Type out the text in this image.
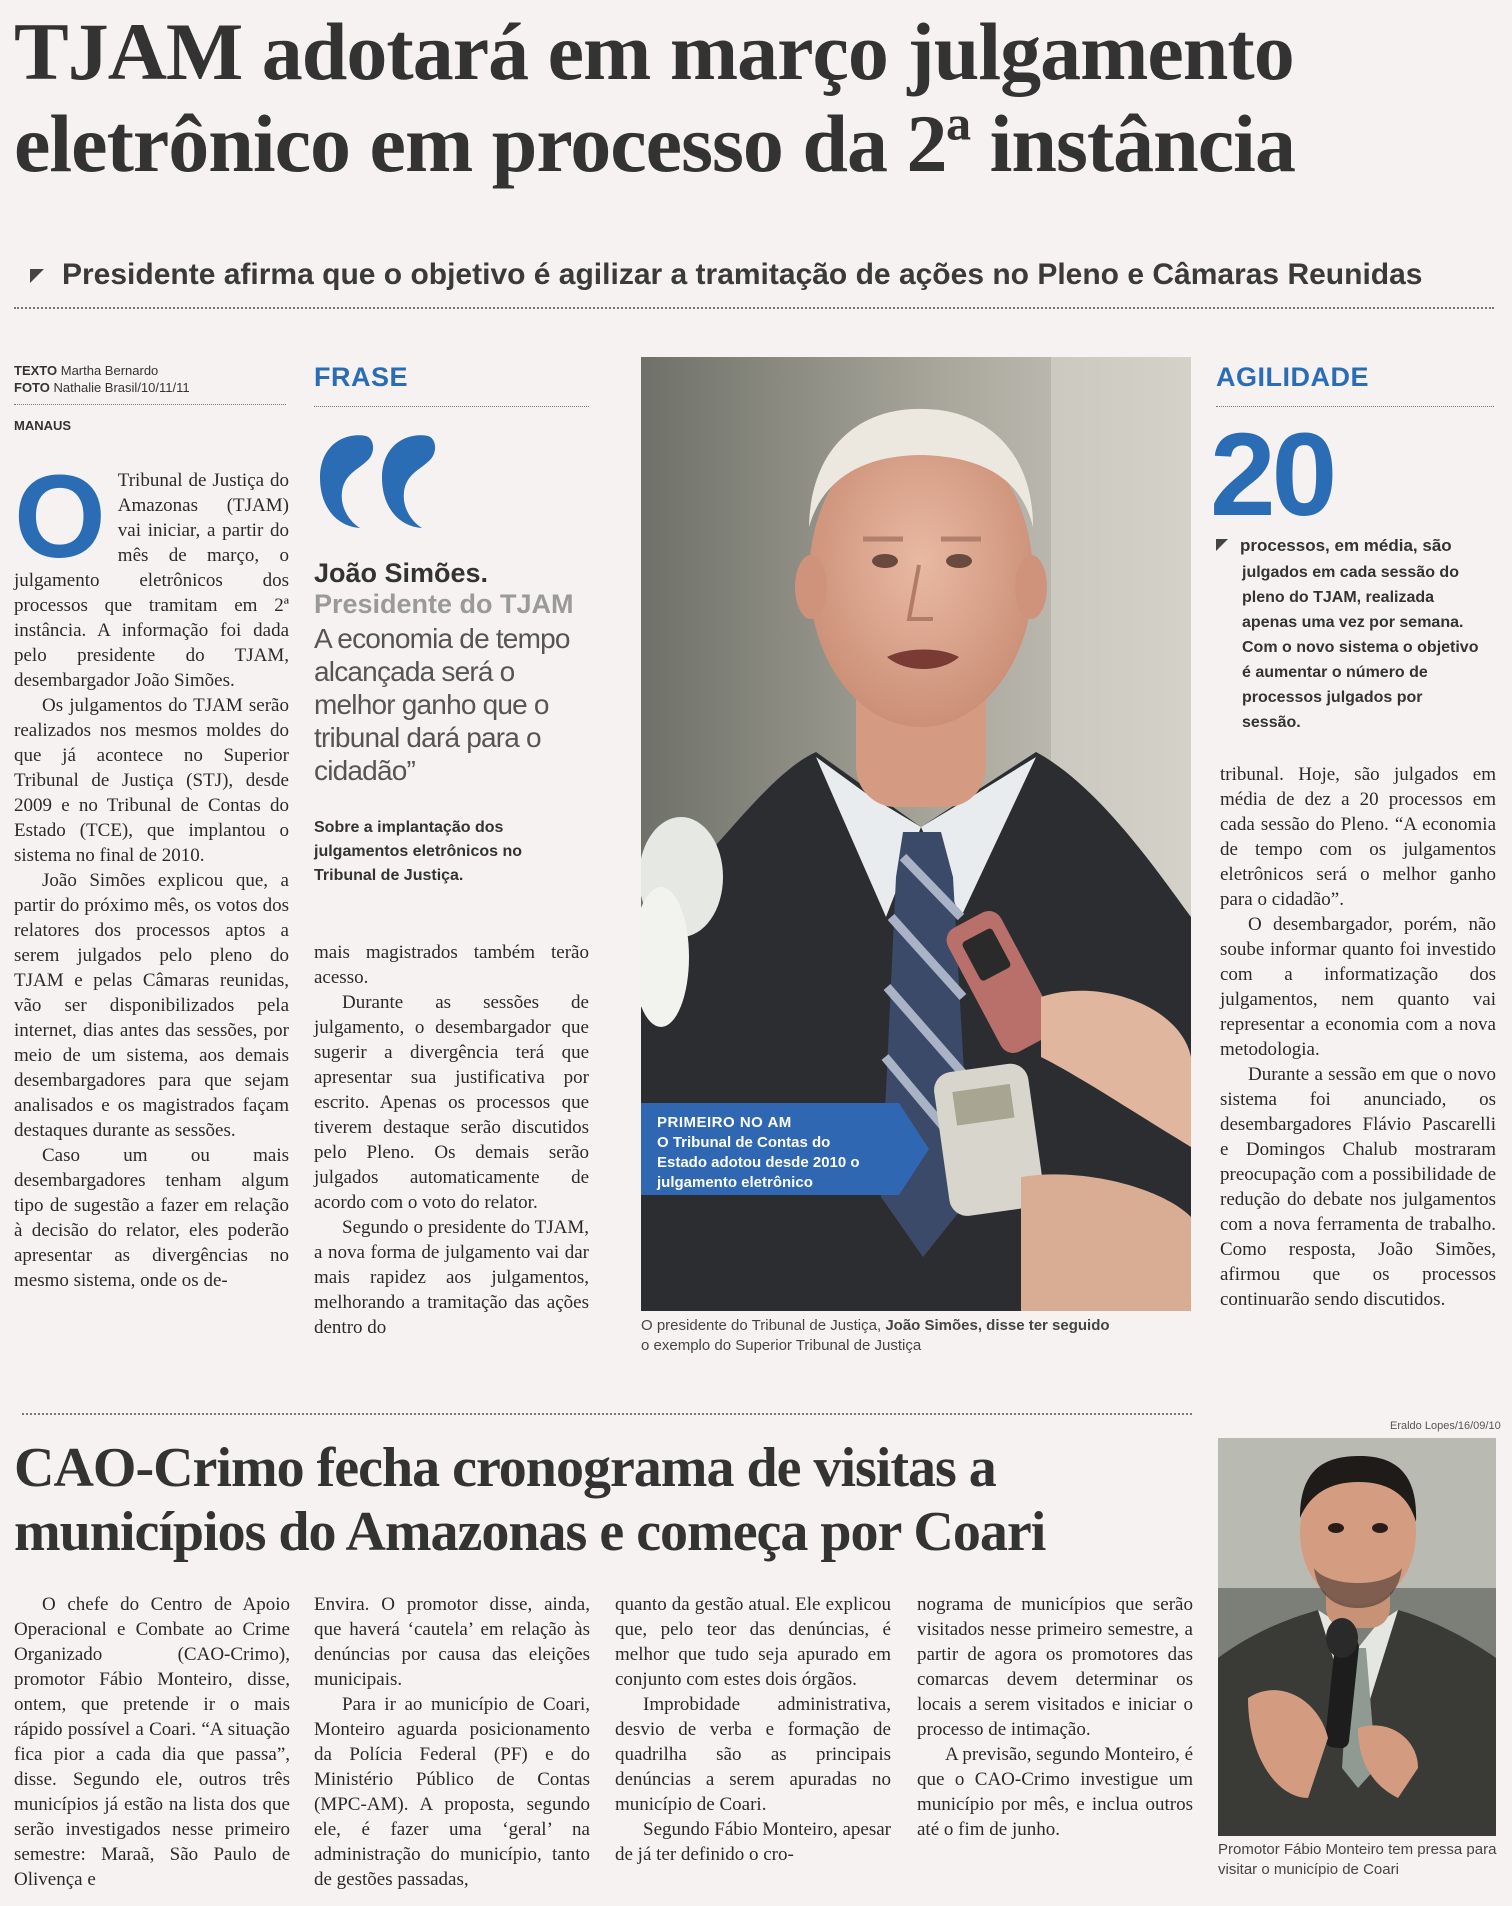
TJAM adotará em março julgamento
eletrônico em processo da 2ª instância
Presidente afirma que o objetivo é agilizar a tramitação de ações no Pleno e Câmaras Reunidas
TEXTO Martha Bernardo
FOTO Nathalie Brasil/10/11/11
MANAUS
O Tribunal de Justiça do Amazonas (TJAM) vai iniciar, a partir do mês de março, o julgamento eletrônicos dos processos que tramitam em 2ª instância. A informação foi dada pelo presidente do TJAM, desembargador João Simões.

Os julgamentos do TJAM serão realizados nos mesmos moldes do que já acontece no Superior Tribunal de Justiça (STJ), desde 2009 e no Tribunal de Contas do Estado (TCE), que implantou o sistema no final de 2010.

João Simões explicou que, a partir do próximo mês, os votos dos relatores dos processos aptos a serem julgados pelo pleno do TJAM e pelas Câmaras reunidas, vão ser disponibilizados pela internet, dias antes das sessões, por meio de um sistema, aos demais desembargadores para que sejam analisados e os magistrados façam destaques durante as sessões.

Caso um ou mais desembargadores tenham algum tipo de sugestão a fazer em relação à decisão do relator, eles poderão apresentar as divergências no mesmo sistema, onde os de-

FRASE
João Simões.
Presidente do TJAM
A economia de tempo alcançada será o melhor ganho que o tribunal dará para o cidadão”
Sobre a implantação dos julgamentos eletrônicos no Tribunal de Justiça.

mais magistrados também terão acesso.

Durante as sessões de julgamento, o desembargador que sugerir a divergência terá que apresentar sua justificativa por escrito. Apenas os processos que tiverem destaque serão discutidos pelo Pleno. Os demais serão julgados automaticamente de acordo com o voto do relator.

Segundo o presidente do TJAM, a nova forma de julgamento vai dar mais rapidez aos julgamentos, melhorando a tramitação das ações dentro do

PRIMEIRO NO AM
O Tribunal de Contas do Estado adotou desde 2010 o julgamento eletrônico
O presidente do Tribunal de Justiça, João Simões, disse ter seguido
o exemplo do Superior Tribunal de Justiça
AGILIDADE
20
processos, em média, são
julgados em cada sessão do pleno do TJAM, realizada apenas uma vez por semana. Com o novo sistema o objetivo é aumentar o número de processos julgados por sessão.

tribunal. Hoje, são julgados em média de dez a 20 processos em cada sessão do Pleno. “A economia de tempo com os julgamentos eletrônicos será o melhor ganho para o cidadão”.

O desembargador, porém, não soube informar quanto foi investido com a informatização dos julgamentos, nem quanto vai representar a economia com a nova metodologia.

Durante a sessão em que o novo sistema foi anunciado, os desembargadores Flávio Pascarelli e Domingos Chalub mostraram preocupação com a possibilidade de redução do debate nos julgamentos com a nova ferramenta de trabalho. Como resposta, João Simões, afirmou que os processos continuarão sendo discutidos.

CAO-Crimo fecha cronograma de visitas a
municípios do Amazonas e começa por Coari

O chefe do Centro de Apoio Operacional e Combate ao Crime Organizado (CAO-Crimo), promotor Fábio Monteiro, disse, ontem, que pretende ir o mais rápido possível a Coari. “A situação fica pior a cada dia que passa”, disse. Segundo ele, outros três municípios já estão na lista dos que serão investigados nesse primeiro semestre: Maraã, São Paulo de Olivença e

Envira. O promotor disse, ainda, que haverá ‘cautela’ em relação às denúncias por causa das eleições municipais.

Para ir ao município de Coari, Monteiro aguarda posicionamento da Polícia Federal (PF) e do Ministério Público de Contas (MPC-AM). A proposta, segundo ele, é fazer uma ‘geral’ na administração do município, tanto de gestões passadas,

quanto da gestão atual. Ele explicou que, pelo teor das denúncias, é melhor que tudo seja apurado em conjunto com estes dois órgãos.

Improbidade administrativa, desvio de verba e formação de quadrilha são as principais denúncias a serem apuradas no município de Coari.

Segundo Fábio Monteiro, apesar de já ter definido o cro-

nograma de municípios que serão visitados nesse primeiro semestre, a partir de agora os promotores das comarcas devem determinar os locais a serem visitados e iniciar o processo de intimação.

A previsão, segundo Monteiro, é que o CAO-Crimo investigue um município por mês, e inclua outros até o fim de junho.

Eraldo Lopes/16/09/10
Promotor Fábio Monteiro tem pressa para visitar o município de Coari
